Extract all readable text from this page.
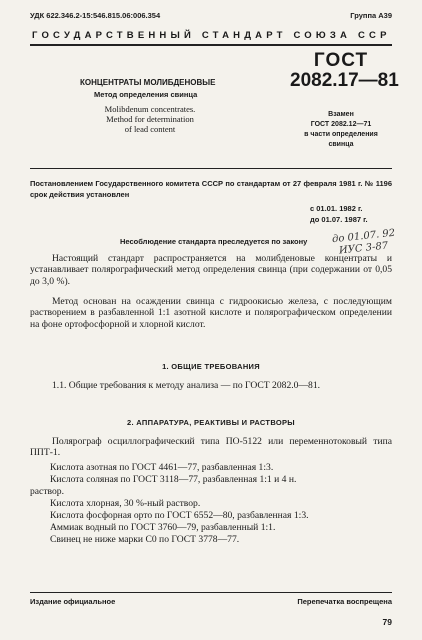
УДК 622.346.2-15:546.815.06:006.354	Группа А39
ГОСУДАРСТВЕННЫЙ СТАНДАРТ СОЮЗА ССР
КОНЦЕНТРАТЫ МОЛИБДЕНОВЫЕ
Метод определения свинца
Molibdenum concentrates.
Method for determination
of lead content
ГОСТ
2082.17—81
Взамен
ГОСТ 2082.12—71
в части определения
свинца
Постановлением Государственного комитета СССР по стандартам от 27 февраля 1981 г. № 1196 срок действия установлен
с 01.01. 1982 г.
до 01.07. 1987 г.
Несоблюдение стандарта преследуется по закону до 01.07. 92
ИУС 3-87
Настоящий стандарт распространяется на молибденовые концентраты и устанавливает полярографический метод определения свинца (при содержании от 0,05 до 3,0 %).
Метод основан на осаждении свинца с гидроокисью железа, с последующим растворением в разбавленной 1:1 азотной кислоте и полярографическом определении на фоне ортофосфорной и хлорной кислот.
1. ОБЩИЕ ТРЕБОВАНИЯ
1.1. Общие требования к методу анализа — по ГОСТ 2082.0—81.
2. АППАРАТУРА, РЕАКТИВЫ И РАСТВОРЫ
Полярограф осциллографический типа ПО-5122 или переменнотоковый типа ППТ-1.
Кислота азотная по ГОСТ 4461—77, разбавленная 1:3.
Кислота соляная по ГОСТ 3118—77, разбавленная 1:1 и 4 н.
раствор.
Кислота хлорная, 30 %-ный раствор.
Кислота фосфорная орто по ГОСТ 6552—80, разбавленная 1:3.
Аммиак водный по ГОСТ 3760—79, разбавленный 1:1.
Свинец не ниже марки С0 по ГОСТ 3778—77.
Издание официальное	Перепечатка воспрещена
79
